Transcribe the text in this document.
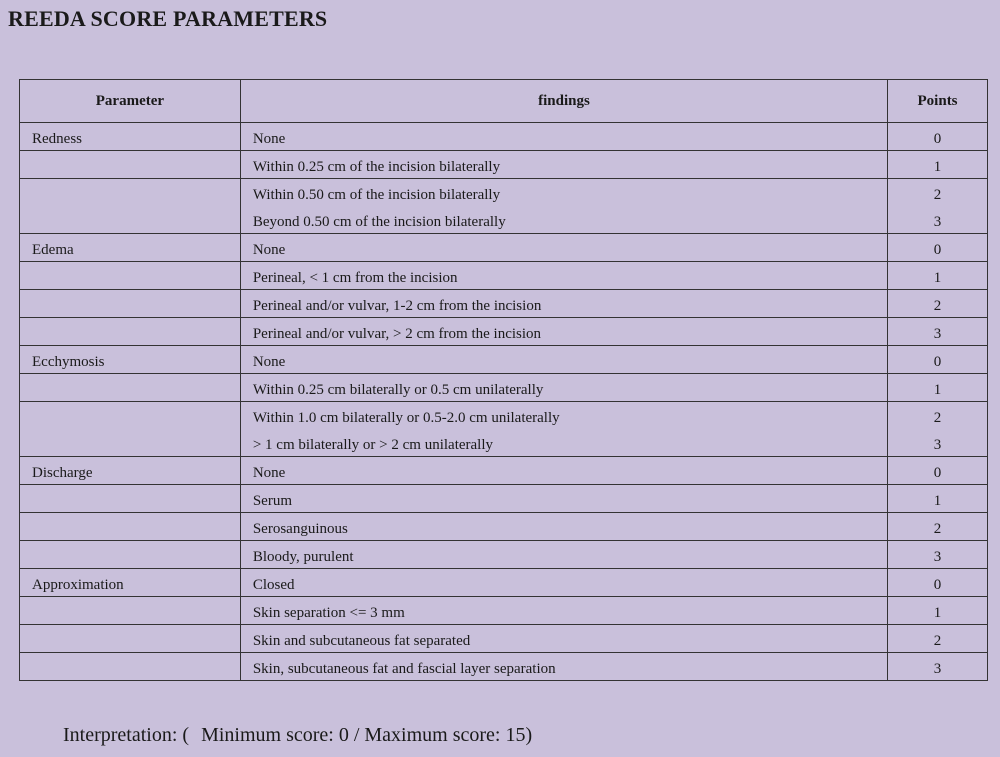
REEDA SCORE PARAMETERS
Parameter	findings	Points
Redness	None	0
	Within 0.25 cm of the incision bilaterally	1
	Within 0.50 cm of the incision bilaterally	2
	Beyond 0.50 cm of the incision bilaterally	3
Edema	None	0
	Perineal, < 1 cm from the incision	1
	Perineal and/or vulvar, 1-2 cm from the incision	2
	Perineal and/or vulvar, > 2 cm from the incision	3
Ecchymosis	None	0
	Within 0.25 cm bilaterally or 0.5 cm unilaterally	1
	Within 1.0 cm bilaterally or 0.5-2.0 cm unilaterally	2
	> 1 cm bilaterally or > 2 cm unilaterally	3
Discharge	None	0
	Serum	1
	Serosanguinous	2
	Bloody, purulent	3
Approximation	Closed	0
	Skin separation <= 3 mm	1
	Skin and subcutaneous fat separated	2
	Skin, subcutaneous fat and fascial layer separation	3
Interpretation: ( Minimum score: 0 / Maximum score: 15)
